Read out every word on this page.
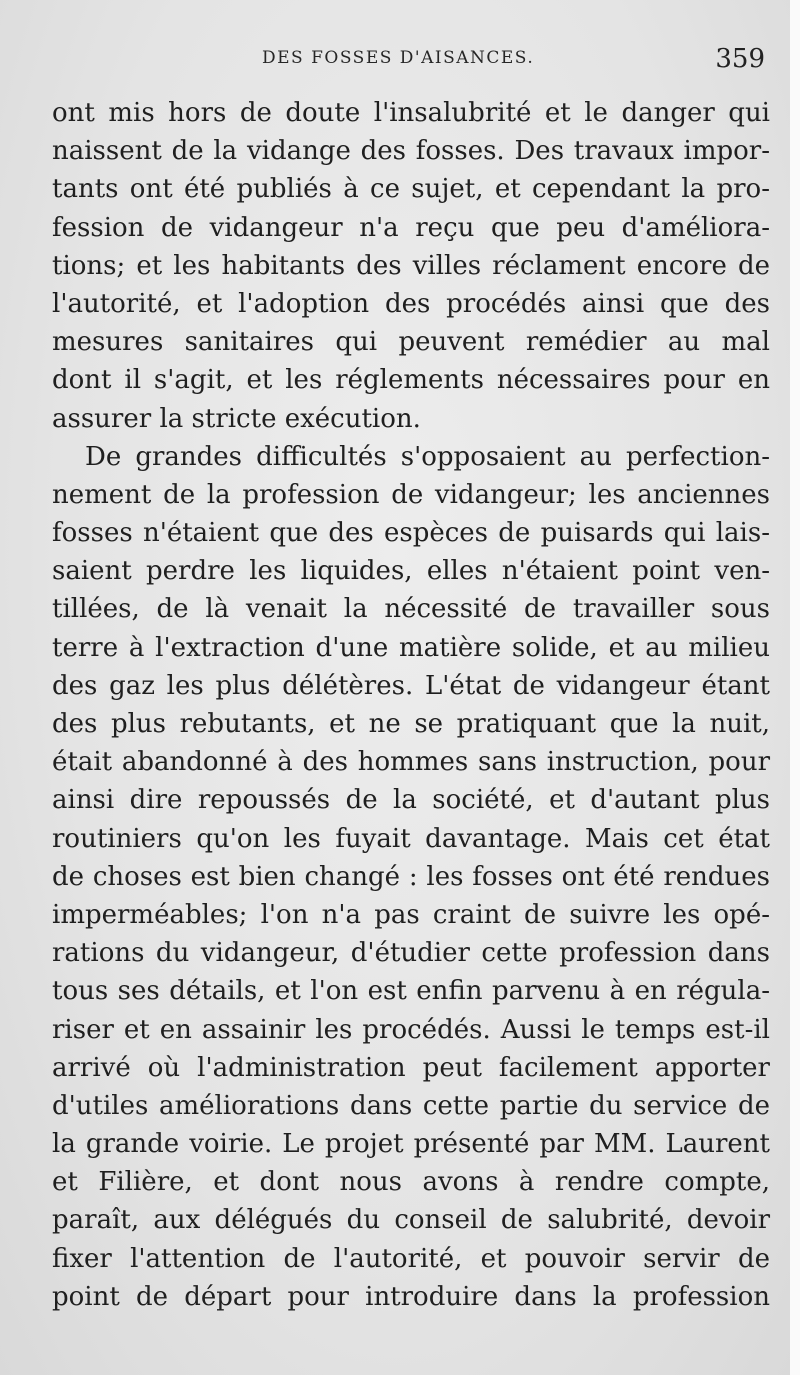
DES FOSSES D'AISANCES.	359
ont mis hors de doute l'insalubrité et le danger qui
naissent de la vidange des fosses. Des travaux impor-
tants ont été publiés à ce sujet, et cependant la pro-
fession de vidangeur n'a reçu que peu d'améliora-
tions; et les habitants des villes réclament encore de
l'autorité, et l'adoption des procédés ainsi que des
mesures sanitaires qui peuvent remédier au mal
dont il s'agit, et les réglements nécessaires pour en
assurer la stricte exécution.
De grandes difficultés s'opposaient au perfection-
nement de la profession de vidangeur; les anciennes
fosses n'étaient que des espèces de puisards qui lais-
saient perdre les liquides, elles n'étaient point ven-
tillées, de là venait la nécessité de travailler sous
terre à l'extraction d'une matière solide, et au milieu
des gaz les plus délétères. L'état de vidangeur étant
des plus rebutants, et ne se pratiquant que la nuit,
était abandonné à des hommes sans instruction, pour
ainsi dire repoussés de la société, et d'autant plus
routiniers qu'on les fuyait davantage. Mais cet état
de choses est bien changé : les fosses ont été rendues
imperméables; l'on n'a pas craint de suivre les opé-
rations du vidangeur, d'étudier cette profession dans
tous ses détails, et l'on est enfin parvenu à en régula-
riser et en assainir les procédés. Aussi le temps est-il
arrivé où l'administration peut facilement apporter
d'utiles améliorations dans cette partie du service de
la grande voirie. Le projet présenté par MM. Laurent
et Filière, et dont nous avons à rendre compte,
paraît, aux délégués du conseil de salubrité, devoir
fixer l'attention de l'autorité, et pouvoir servir de
point de départ pour introduire dans la profession
